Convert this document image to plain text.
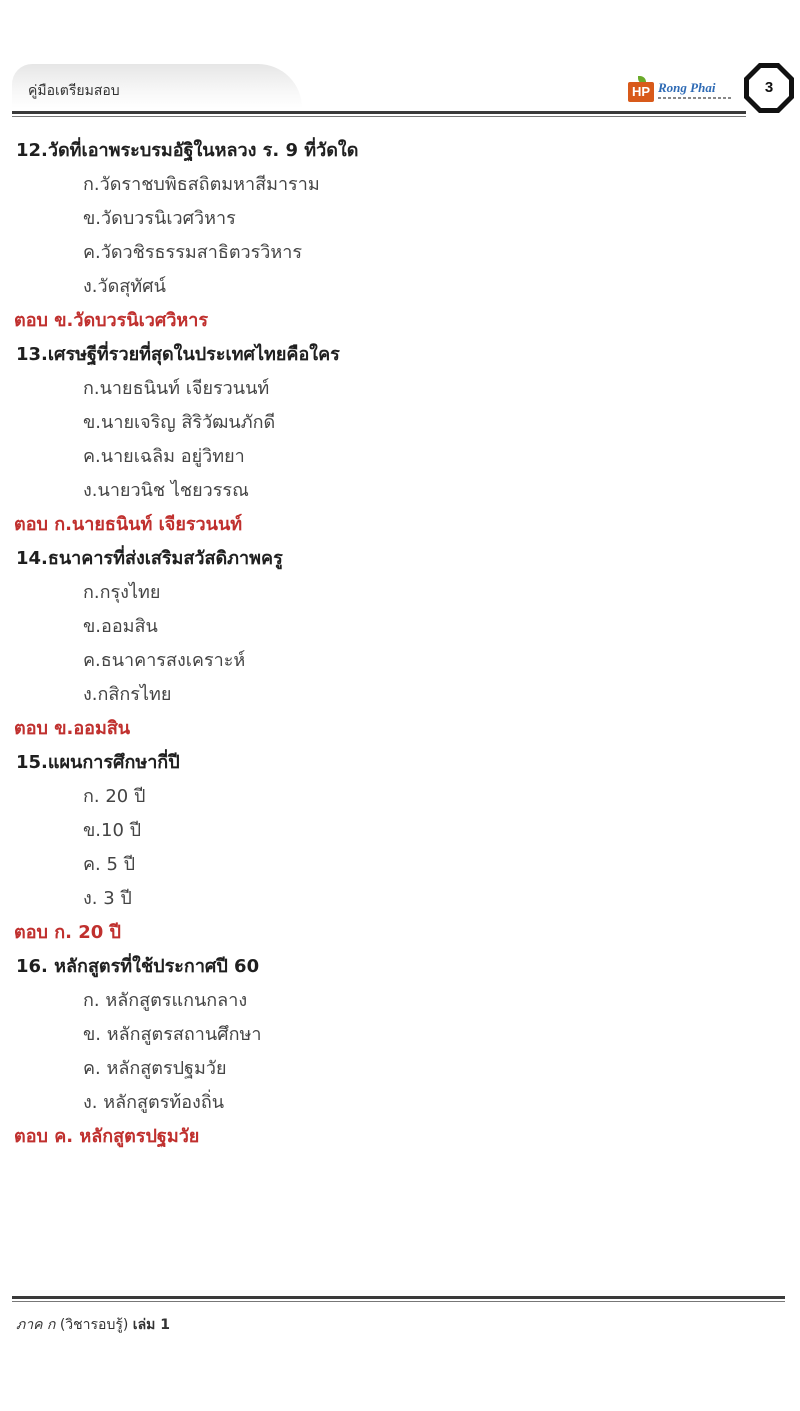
คู่มือเตรียมสอบ	HP Rong Phai	3
12.วัดที่เอาพระบรมอัฐิในหลวง ร. 9 ที่วัดใด
ก.วัดราชบพิธสถิตมหาสีมาราม
ข.วัดบวรนิเวศวิหาร
ค.วัดวชิรธรรมสาธิตวรวิหาร
ง.วัดสุทัศน์
ตอบ ข.วัดบวรนิเวศวิหาร
13.เศรษฐีที่รวยที่สุดในประเทศไทยคือใคร
ก.นายธนินท์ เจียรวนนท์
ข.นายเจริญ สิริวัฒนภักดี
ค.นายเฉลิม อยู่วิทยา
ง.นายวนิช ไชยวรรณ
ตอบ ก.นายธนินท์ เจียรวนนท์
14.ธนาคารที่ส่งเสริมสวัสดิภาพครู
ก.กรุงไทย
ข.ออมสิน
ค.ธนาคารสงเคราะห์
ง.กสิกรไทย
ตอบ ข.ออมสิน
15.แผนการศึกษากี่ปี
ก. 20 ปี
ข.10 ปี
ค. 5 ปี
ง. 3 ปี
ตอบ ก. 20 ปี
16. หลักสูตรที่ใช้ประกาศปี 60
ก. หลักสูตรแกนกลาง
ข. หลักสูตรสถานศึกษา
ค. หลักสูตรปฐมวัย
ง. หลักสูตรท้องถิ่น
ตอบ ค. หลักสูตรปฐมวัย
ภาค ก (วิชารอบรู้) เล่ม 1
